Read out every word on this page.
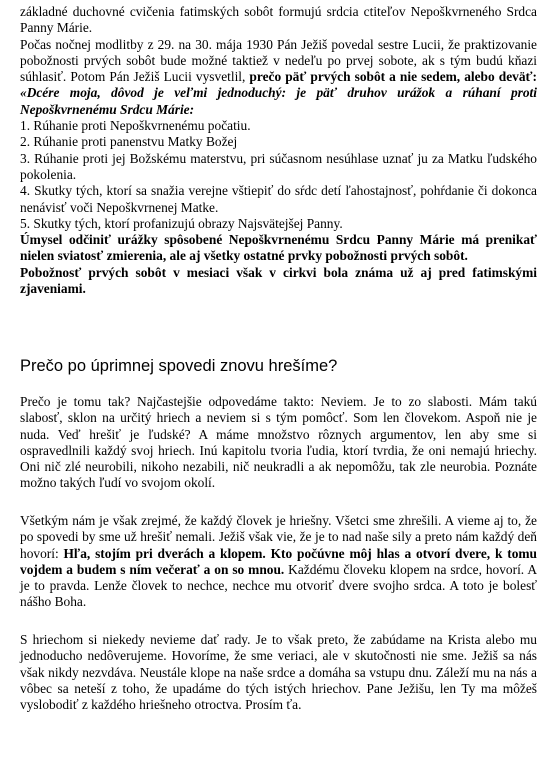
základné duchovné cvičenia fatimských sobôt formujú srdcia ctiteľov Nepoškvrneného Srdca Panny Márie.

Počas nočnej modlitby z 29. na 30. mája 1930 Pán Ježiš povedal sestre Lucii, že praktizovanie pobožnosti prvých sobôt bude možné taktiež v nedeľu po prvej sobote, ak s tým budú kňazi súhlasiť. Potom Pán Ježiš Lucii vysvetlil, prečo päť prvých sobôt a nie sedem, alebo deväť: «Dcére moja, dôvod je veľmi jednoduchý: je päť druhov urážok a rúhaní proti Nepoškvrnenému Srdcu Márie:

1. Rúhanie proti Nepoškvrnenému počatiu.

2. Rúhanie proti panenstvu Matky Božej

3. Rúhanie proti jej Božskému materstvu, pri súčasnom nesúhlase uznať ju za Matku ľudského pokolenia.

4. Skutky tých, ktorí sa snažia verejne vštiepiť do sŕdc detí ľahostajnosť, pohŕdanie či dokonca nenávisť voči Nepoškvrnenej Matke.

5. Skutky tých, ktorí profanizujú obrazy Najsvätejšej Panny.

Úmysel odčiniť urážky spôsobené Nepoškvrnenému Srdcu Panny Márie má prenikať nielen sviatosť zmierenia, ale aj všetky ostatné prvky pobožnosti prvých sobôt.

Pobožnosť prvých sobôt v mesiaci však v cirkvi bola známa už aj pred fatimskými zjaveniami.

Prečo po úprimnej spovedi znovu hrešíme?

Prečo je tomu tak? Najčastejšie odpovedáme takto: Neviem. Je to zo slabosti. Mám takú slabosť, sklon na určitý hriech a neviem si s tým pomôcť. Som len človekom. Aspoň nie je nuda. Veď hrešiť je ľudské? A máme množstvo rôznych argumentov, len aby sme si ospravedlnili každý svoj hriech. Inú kapitolu tvoria ľudia, ktorí tvrdia, že oni nemajú hriechy. Oni nič zlé neurobili, nikoho nezabili, nič neukradli a ak nepomôžu, tak zle neurobia. Poznáte možno takých ľudí vo svojom okolí.

Všetkým nám je však zrejmé, že každý človek je hriešny. Všetci sme zhrešili. A vieme aj to, že po spovedi by sme už hrešiť nemali. Ježiš však vie, že je to nad naše sily a preto nám každý deň hovorí: Hľa, stojím pri dverách a klopem. Kto počúvne môj hlas a otvorí dvere, k tomu vojdem a budem s ním večerať a on so mnou. Každému človeku klopem na srdce, hovorí. A je to pravda. Lenže človek to nechce, nechce mu otvoriť dvere svojho srdca. A toto je bolesť nášho Boha.

S hriechom si niekedy nevieme dať rady. Je to však preto, že zabúdame na Krista alebo mu jednoducho nedôverujeme. Hovoríme, že sme veriaci, ale v skutočnosti nie sme. Ježiš sa nás však nikdy nezvdáva. Neustále klope na naše srdce a domáha sa vstupu dnu. Záleží mu na nás a vôbec sa neteší z toho, že upadáme do tých istých hriechov. Pane Ježišu, len Ty ma môžeš vyslobodiť z každého hriešneho otroctva. Prosím ťa.
